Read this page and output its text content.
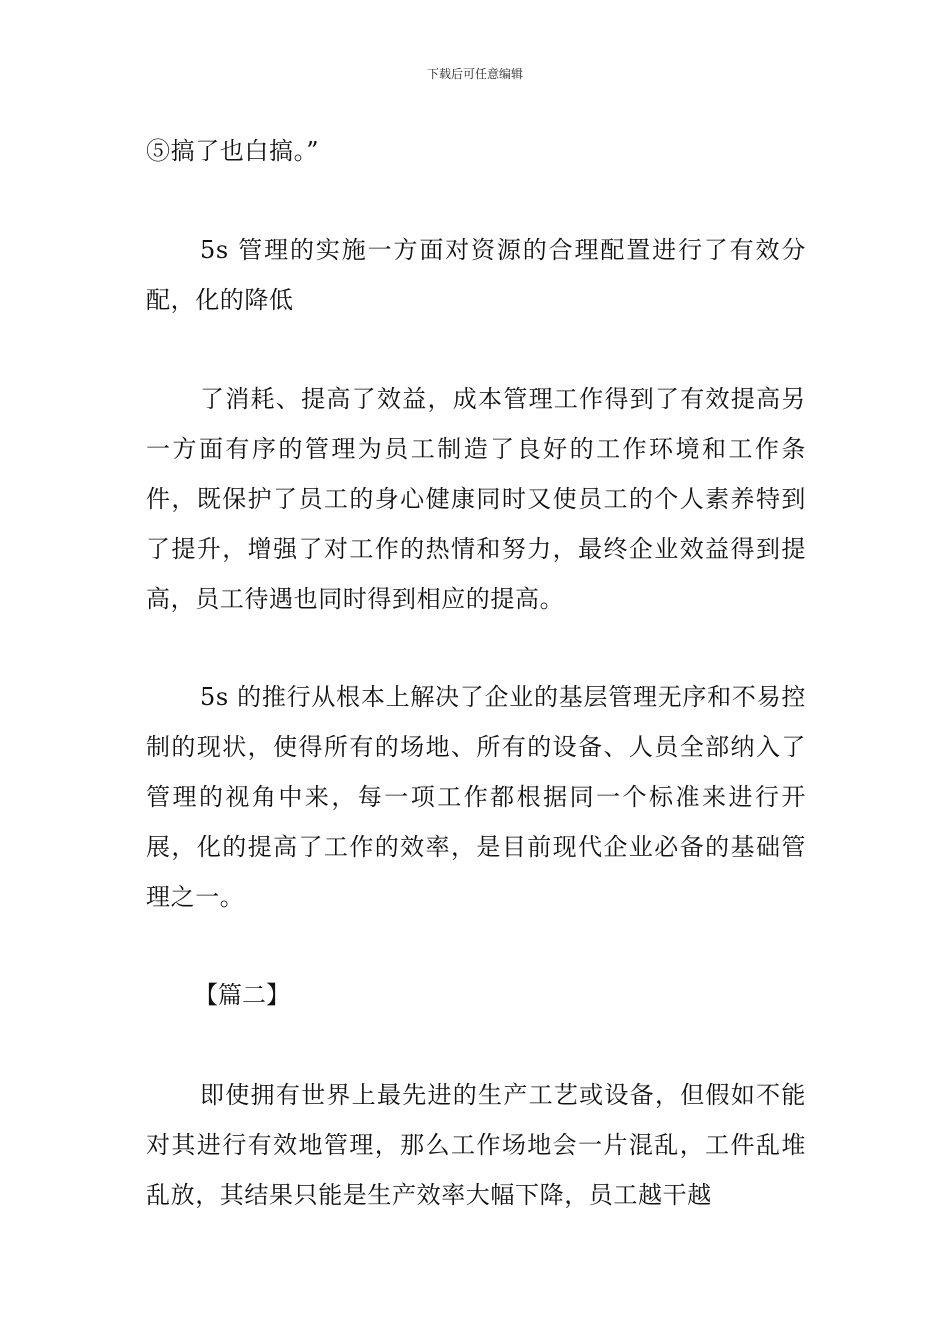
下载后可任意编辑

⑤搞了也白搞。”

5s 管理的实施一方面对资源的合理配置进行了有效分配，化的降低

了消耗、提高了效益，成本管理工作得到了有效提高另一方面有序的管理为员工制造了良好的工作环境和工作条件，既保护了员工的身心健康同时又使员工的个人素养特到了提升，增强了对工作的热情和努力，最终企业效益得到提高，员工待遇也同时得到相应的提高。

5s 的推行从根本上解决了企业的基层管理无序和不易控制的现状，使得所有的场地、所有的设备、人员全部纳入了管理的视角中来，每一项工作都根据同一个标准来进行开展，化的提高了工作的效率，是目前现代企业必备的基础管理之一。

【篇二】

即使拥有世界上最先进的生产工艺或设备，但假如不能对其进行有效地管理，那么工作场地会一片混乱，工件乱堆乱放，其结果只能是生产效率大幅下降，员工越干越
